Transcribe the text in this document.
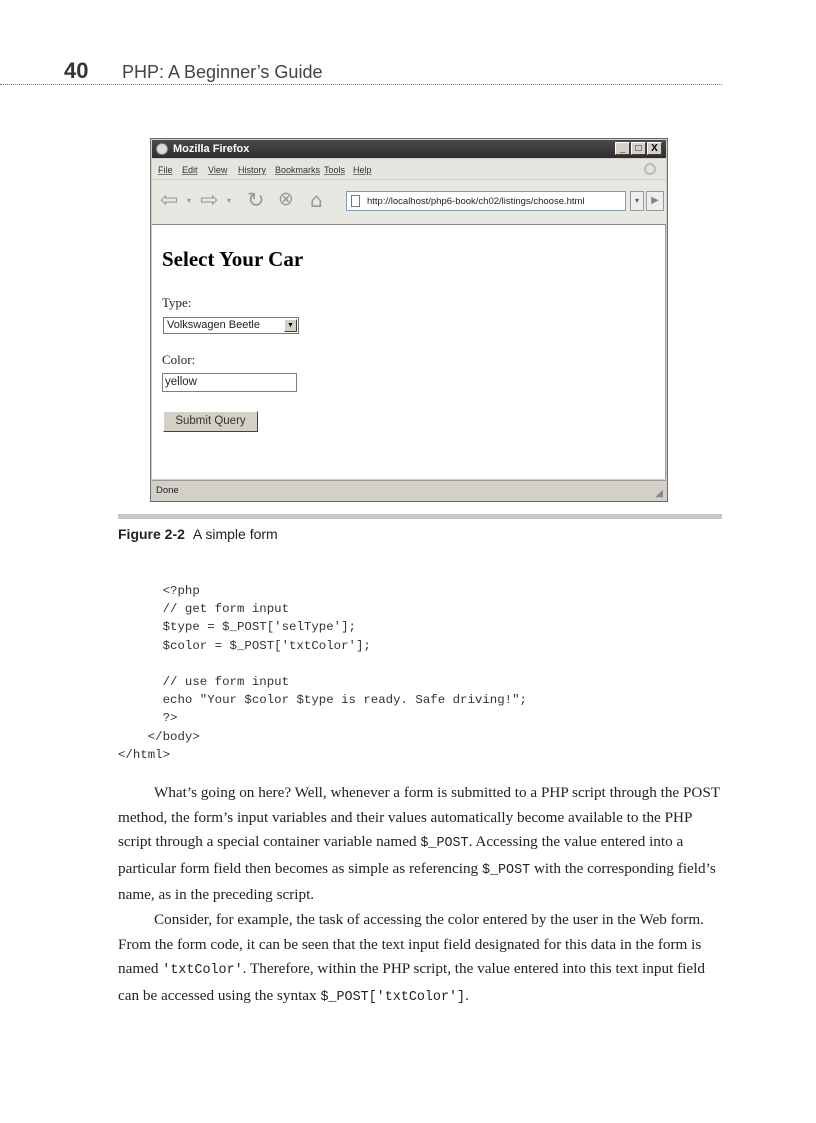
40 PHP: A Beginner’s Guide
Mozilla Firefox	_	□ X
File Edit View History Bookmarks Tools Help
⇦ ▾ ⇨ ▾ ↻ ⊗ ⌂	http://localhost/php6-book/ch02/listings/choose.html	▾	▶
Select Your Car
Type:
Volkswagen Beetle	▼
Color:
yellow
Submit Query
Done	◢
Figure 2-2 A simple form
<?php
// get form input
$type = $_POST['selType'];
$color = $_POST['txtColor'];
// use form input
echo "Your $color $type is ready. Safe driving!";
?>
</body>
</html>

What’s going on here? Well, whenever a form is submitted to a PHP script through the POST method, the form’s input variables and their values automatically become available to the PHP script through a special container variable named $_POST. Accessing the value entered into a particular form field then becomes as simple as referencing $_POST with the corresponding field’s name, as in the preceding script.

Consider, for example, the task of accessing the color entered by the user in the Web form. From the form code, it can be seen that the text input field designated for this data in the form is named 'txtColor'. Therefore, within the PHP script, the value entered into this text input field can be accessed using the syntax $_POST['txtColor'].
